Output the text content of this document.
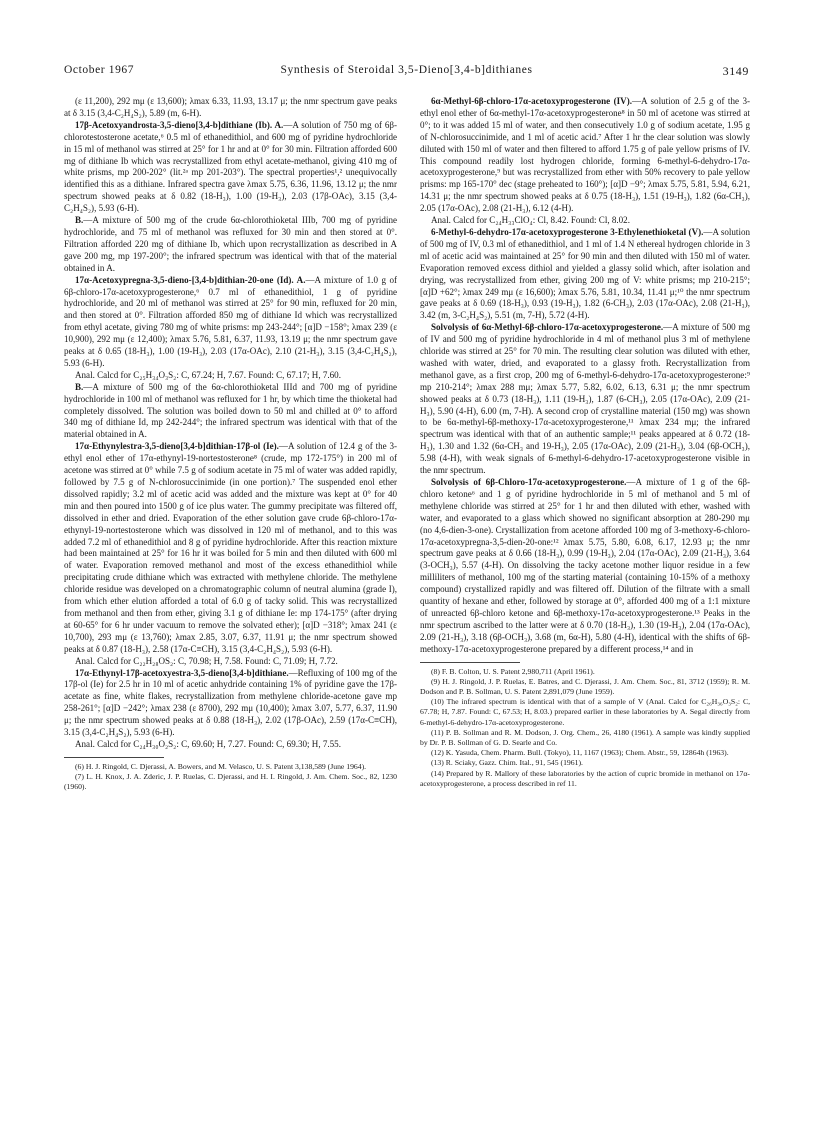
October 1967	Synthesis of Steroidal 3,5-Dieno[3,4-b]dithianes	3149

(ε 11,200), 292 mμ (ε 13,600); λmax 6.33, 11.93, 13.17 μ; the nmr spectrum gave peaks at δ 3.15 (3,4-C₂H₄S₂), 5.89 (m, 6-H).

17β-Acetoxyandrosta-3,5-dieno[3,4-b]dithiane (Ib). A.—A solution of 750 mg of 6β-chlorotestosterone acetate,⁶ 0.5 ml of ethanedithiol, and 600 mg of pyridine hydrochloride in 15 ml of methanol was stirred at 25° for 1 hr and at 0° for 30 min. Filtration afforded 600 mg of dithiane Ib which was recrystallized from ethyl acetate-methanol, giving 410 mg of white prisms, mp 200-202° (lit.²ᵃ mp 201-203°). The spectral properties¹,² unequivocally identified this as a dithiane. Infrared spectra gave λmax 5.75, 6.36, 11.96, 13.12 μ; the nmr spectrum showed peaks at δ 0.82 (18-H₃), 1.00 (19-H₃), 2.03 (17β-OAc), 3.15 (3,4-C₂H₄S₂), 5.93 (6-H).

B.—A mixture of 500 mg of the crude 6α-chlorothioketal IIIb, 700 mg of pyridine hydrochloride, and 75 ml of methanol was refluxed for 30 min and then stored at 0°. Filtration afforded 220 mg of dithiane Ib, which upon recrystallization as described in A gave 200 mg, mp 197-200°; the infrared spectrum was identical with that of the material obtained in A.

17α-Acetoxypregna-3,5-dieno-[3,4-b]dithian-20-one (Id). A.—A mixture of 1.0 g of 6β-chloro-17α-acetoxyprogesterone,⁶ 0.7 ml of ethanedithiol, 1 g of pyridine hydrochloride, and 20 ml of methanol was stirred at 25° for 90 min, refluxed for 20 min, and then stored at 0°. Filtration afforded 850 mg of dithiane Id which was recrystallized from ethyl acetate, giving 780 mg of white prisms: mp 243-244°; [α]D −158°; λmax 239 (ε 10,900), 292 mμ (ε 12,400); λmax 5.76, 5.81, 6.37, 11.93, 13.19 μ; the nmr spectrum gave peaks at δ 0.65 (18-H₃), 1.00 (19-H₃), 2.03 (17α-OAc), 2.10 (21-H₃), 3.15 (3,4-C₂H₄S₂), 5.93 (6-H).

Anal. Calcd for C₂₅H₃₄O₃S₂: C, 67.24; H, 7.67. Found: C, 67.17; H, 7.60.

B.—A mixture of 500 mg of the 6α-chlorothioketal IIId and 700 mg of pyridine hydrochloride in 100 ml of methanol was refluxed for 1 hr, by which time the thioketal had completely dissolved. The solution was boiled down to 50 ml and chilled at 0° to afford 340 mg of dithiane Id, mp 242-244°; the infrared spectrum was identical with that of the material obtained in A.

17α-Ethynylestra-3,5-dieno[3,4-b]dithian-17β-ol (Ie).—A solution of 12.4 g of the 3-ethyl enol ether of 17α-ethynyl-19-nortestosterone⁸ (crude, mp 172-175°) in 200 ml of acetone was stirred at 0° while 7.5 g of sodium acetate in 75 ml of water was added rapidly, followed by 7.5 g of N-chlorosuccinimide (in one portion).⁷ The suspended enol ether dissolved rapidly; 3.2 ml of acetic acid was added and the mixture was kept at 0° for 40 min and then poured into 1500 g of ice plus water. The gummy precipitate was filtered off, dissolved in ether and dried. Evaporation of the ether solution gave crude 6β-chloro-17α-ethynyl-19-nortestosterone which was dissolved in 120 ml of methanol, and to this was added 7.2 ml of ethanedithiol and 8 g of pyridine hydrochloride. After this reaction mixture had been maintained at 25° for 16 hr it was boiled for 5 min and then diluted with 600 ml of water. Evaporation removed methanol and most of the excess ethanedithiol while precipitating crude dithiane which was extracted with methylene chloride. The methylene chloride residue was developed on a chromatographic column of neutral alumina (grade I), from which ether elution afforded a total of 6.0 g of tacky solid. This was recrystallized from methanol and then from ether, giving 3.1 g of dithiane Ie: mp 174-175° (after drying at 60-65° for 6 hr under vacuum to remove the solvated ether); [α]D −318°; λmax 241 (ε 10,700), 293 mμ (ε 13,760); λmax 2.85, 3.07, 6.37, 11.91 μ; the nmr spectrum showed peaks at δ 0.87 (18-H₃), 2.58 (17α-C≡CH), 3.15 (3,4-C₂H₄S₂), 5.93 (6-H).

Anal. Calcd for C₂₂H₂₈OS₂: C, 70.98; H, 7.58. Found: C, 71.09; H, 7.72.

17α-Ethynyl-17β-acetoxyestra-3,5-dieno[3,4-b]dithiane.—Refluxing of 100 mg of the 17β-ol (Ie) for 2.5 hr in 10 ml of acetic anhydride containing 1% of pyridine gave the 17β-acetate as fine, white flakes, recrystallization from methylene chloride-acetone gave mp 258-261°; [α]D −242°; λmax 238 (ε 8700), 292 mμ (10,400); λmax 3.07, 5.77, 6.37, 11.90 μ; the nmr spectrum showed peaks at δ 0.88 (18-H₃), 2.02 (17β-OAc), 2.59 (17α-C≡CH), 3.15 (3,4-C₂H₄S₂), 5.93 (6-H).

Anal. Calcd for C₂₄H₃₀O₂S₂: C, 69.60; H, 7.27. Found: C, 69.30; H, 7.55.

(6) H. J. Ringold, C. Djerassi, A. Bowers, and M. Velasco, U. S. Patent 3,138,589 (June 1964).

(7) L. H. Knox, J. A. Zderic, J. P. Ruelas, C. Djerassi, and H. I. Ringold, J. Am. Chem. Soc., 82, 1230 (1960).

6α-Methyl-6β-chloro-17α-acetoxyprogesterone (IV).—A solution of 2.5 g of the 3-ethyl enol ether of 6α-methyl-17α-acetoxyprogesterone⁸ in 50 ml of acetone was stirred at 0°; to it was added 15 ml of water, and then consecutively 1.0 g of sodium acetate, 1.95 g of N-chlorosuccinimide, and 1 ml of acetic acid.⁷ After 1 hr the clear solution was slowly diluted with 150 ml of water and then filtered to afford 1.75 g of pale yellow prisms of IV. This compound readily lost hydrogen chloride, forming 6-methyl-6-dehydro-17α-acetoxyprogesterone,⁹ but was recrystallized from ether with 50% recovery to pale yellow prisms: mp 165-170° dec (stage preheated to 160°); [α]D −9°; λmax 5.75, 5.81, 5.94, 6.21, 14.31 μ; the nmr spectrum showed peaks at δ 0.75 (18-H₃), 1.51 (19-H₃), 1.82 (6α-CH₃), 2.05 (17α-OAc), 2.08 (21-H₃), 6.12 (4-H).

Anal. Calcd for C₂₄H₃₃ClO₄: Cl, 8.42. Found: Cl, 8.02.

6-Methyl-6-dehydro-17α-acetoxyprogesterone 3-Ethylenethioketal (V).—A solution of 500 mg of IV, 0.3 ml of ethanedithiol, and 1 ml of 1.4 N ethereal hydrogen chloride in 3 ml of acetic acid was maintained at 25° for 90 min and then diluted with 150 ml of water. Evaporation removed excess dithiol and yielded a glassy solid which, after isolation and drying, was recrystallized from ether, giving 200 mg of V: white prisms; mp 210-215°; [α]D +62°; λmax 249 mμ (ε 16,600); λmax 5.76, 5.81, 10.34, 11.41 μ;¹⁰ the nmr spectrum gave peaks at δ 0.69 (18-H₃), 0.93 (19-H₃), 1.82 (6-CH₃), 2.03 (17α-OAc), 2.08 (21-H₃), 3.42 (m, 3-C₂H₄S₂), 5.51 (m, 7-H), 5.72 (4-H).

Solvolysis of 6α-Methyl-6β-chloro-17α-acetoxyprogesterone.—A mixture of 500 mg of IV and 500 mg of pyridine hydrochloride in 4 ml of methanol plus 3 ml of methylene chloride was stirred at 25° for 70 min. The resulting clear solution was diluted with ether, washed with water, dried, and evaporated to a glassy froth. Recrystallization from methanol gave, as a first crop, 200 mg of 6-methyl-6-dehydro-17α-acetoxyprogesterone:⁹ mp 210-214°; λmax 288 mμ; λmax 5.77, 5.82, 6.02, 6.13, 6.31 μ; the nmr spectrum showed peaks at δ 0.73 (18-H₃), 1.11 (19-H₃), 1.87 (6-CH₃), 2.05 (17α-OAc), 2.09 (21-H₃), 5.90 (4-H), 6.00 (m, 7-H). A second crop of crystalline material (150 mg) was shown to be 6α-methyl-6β-methoxy-17α-acetoxyprogesterone,¹¹ λmax 234 mμ; the infrared spectrum was identical with that of an authentic sample;¹¹ peaks appeared at δ 0.72 (18-H₃), 1.30 and 1.32 (6α-CH₃ and 19-H₃), 2.05 (17α-OAc), 2.09 (21-H₃), 3.04 (6β-OCH₃), 5.98 (4-H), with weak signals of 6-methyl-6-dehydro-17-acetoxyprogesterone visible in the nmr spectrum.

Solvolysis of 6β-Chloro-17α-acetoxyprogesterone.—A mixture of 1 g of the 6β-chloro ketone⁶ and 1 g of pyridine hydrochloride in 5 ml of methanol and 5 ml of methylene chloride was stirred at 25° for 1 hr and then diluted with ether, washed with water, and evaporated to a glass which showed no significant absorption at 280-290 mμ (no 4,6-dien-3-one). Crystallization from acetone afforded 100 mg of 3-methoxy-6-chloro-17α-acetoxypregna-3,5-dien-20-one:¹² λmax 5.75, 5.80, 6.08, 6.17, 12.93 μ; the nmr spectrum gave peaks at δ 0.66 (18-H₃), 0.99 (19-H₃), 2.04 (17α-OAc), 2.09 (21-H₃), 3.64 (3-OCH₃), 5.57 (4-H). On dissolving the tacky acetone mother liquor residue in a few milliliters of methanol, 100 mg of the starting material (containing 10-15% of a methoxy compound) crystallized rapidly and was filtered off. Dilution of the filtrate with a small quantity of hexane and ether, followed by storage at 0°, afforded 400 mg of a 1:1 mixture of unreacted 6β-chloro ketone and 6β-methoxy-17α-acetoxyprogesterone.¹³ Peaks in the nmr spectrum ascribed to the latter were at δ 0.70 (18-H₃), 1.30 (19-H₃), 2.04 (17α-OAc), 2.09 (21-H₃), 3.18 (6β-OCH₃), 3.68 (m, 6α-H), 5.80 (4-H), identical with the shifts of 6β-methoxy-17α-acetoxyprogesterone prepared by a different process,¹⁴ and in

(8) F. B. Colton, U. S. Patent 2,980,711 (April 1961).

(9) H. J. Ringold, J. P. Ruelas, E. Batres, and C. Djerassi, J. Am. Chem. Soc., 81, 3712 (1959); R. M. Dodson and P. B. Sollman, U. S. Patent 2,891,079 (June 1959).

(10) The infrared spectrum is identical with that of a sample of V (Anal. Calcd for C₂₆H₃₆O₃S₂: C, 67.78; H, 7.87. Found: C, 67.53; H, 8.03.) prepared earlier in these laboratories by A. Segal directly from 6-methyl-6-dehydro-17α-acetoxyprogesterone.

(11) P. B. Sollman and R. M. Dodson, J. Org. Chem., 26, 4180 (1961). A sample was kindly supplied by Dr. P. B. Sollman of G. D. Searle and Co.

(12) K. Yasuda, Chem. Pharm. Bull. (Tokyo), 11, 1167 (1963); Chem. Abstr., 59, 12864h (1963).

(13) R. Sciaky, Gazz. Chim. Ital., 91, 545 (1961).

(14) Prepared by R. Mallory of these laboratories by the action of cupric bromide in methanol on 17α-acetoxyprogesterone, a process described in ref 11.
